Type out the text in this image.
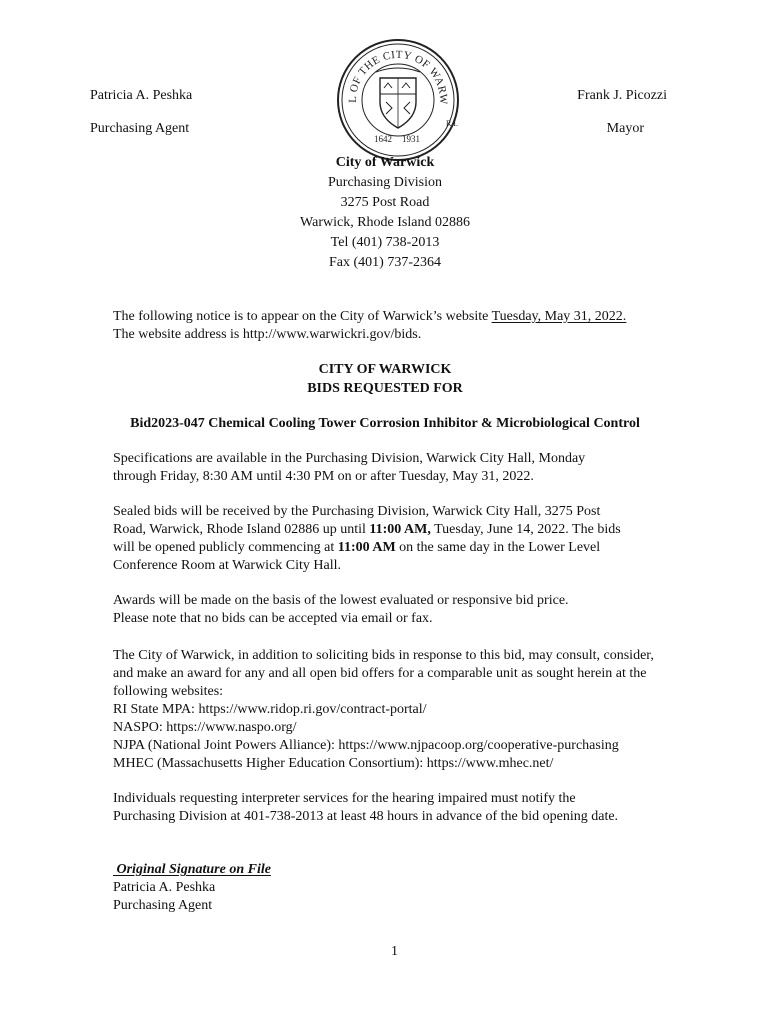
Patricia A. Peshka
Purchasing Agent
Frank J. Picozzi
Mayor
L OF THE CITY OF WARW
R.I.
1642 1931
City of Warwick
Purchasing Division
3275 Post Road
Warwick, Rhode Island 02886
Tel (401) 738-2013
Fax (401) 737-2364

The following notice is to appear on the City of Warwick’s website Tuesday, May 31, 2022.

The website address is http://www.warwickri.gov/bids.

CITY OF WARWICK
BIDS REQUESTED FOR
Bid2023-047 Chemical Cooling Tower Corrosion Inhibitor & Microbiological Control

Specifications are available in the Purchasing Division, Warwick City Hall, Monday

through Friday, 8:30 AM until 4:30 PM on or after Tuesday, May 31, 2022.

Sealed bids will be received by the Purchasing Division, Warwick City Hall, 3275 Post

Road, Warwick, Rhode Island 02886 up until 11:00 AM, Tuesday, June 14, 2022. The bids

will be opened publicly commencing at 11:00 AM on the same day in the Lower Level

Conference Room at Warwick City Hall.

Awards will be made on the basis of the lowest evaluated or responsive bid price.

Please note that no bids can be accepted via email or fax.

The City of Warwick, in addition to soliciting bids in response to this bid, may consult, consider,

and make an award for any and all open bid offers for a comparable unit as sought herein at the

following websites:

RI State MPA: https://www.ridop.ri.gov/contract-portal/

NASPO: https://www.naspo.org/

NJPA (National Joint Powers Alliance): https://www.njpacoop.org/cooperative-purchasing

MHEC (Massachusetts Higher Education Consortium): https://www.mhec.net/

Individuals requesting interpreter services for the hearing impaired must notify the

Purchasing Division at 401-738-2013 at least 48 hours in advance of the bid opening date.

Original Signature on File

Patricia A. Peshka

Purchasing Agent

1
